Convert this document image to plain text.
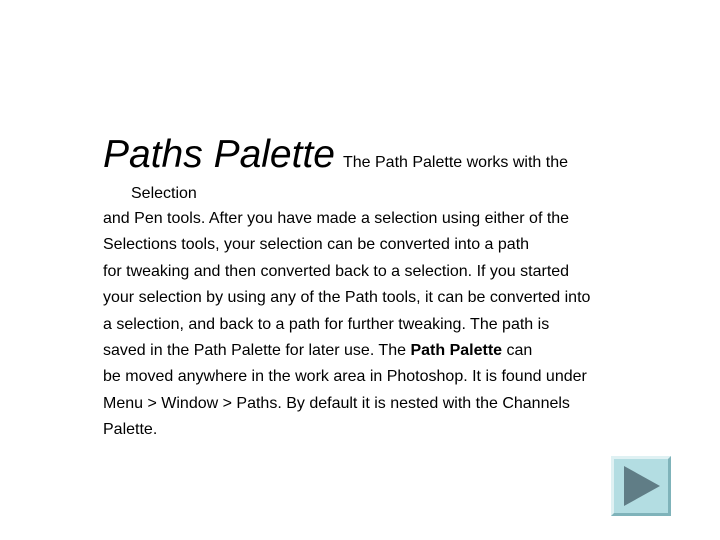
Paths Palette The Path Palette works with the
Selection
and Pen tools. After you have made a selection using either of the
Selections tools, your selection can be converted into a path
for tweaking and then converted back to a selection. If you started
your selection by using any of the Path tools, it can be converted into
a selection, and back to a path for further tweaking. The path is
saved in the Path Palette for later use. The Path Palette can
be moved anywhere in the work area in Photoshop. It is found under
Menu > Window > Paths. By default it is nested with the Channels
Palette.
